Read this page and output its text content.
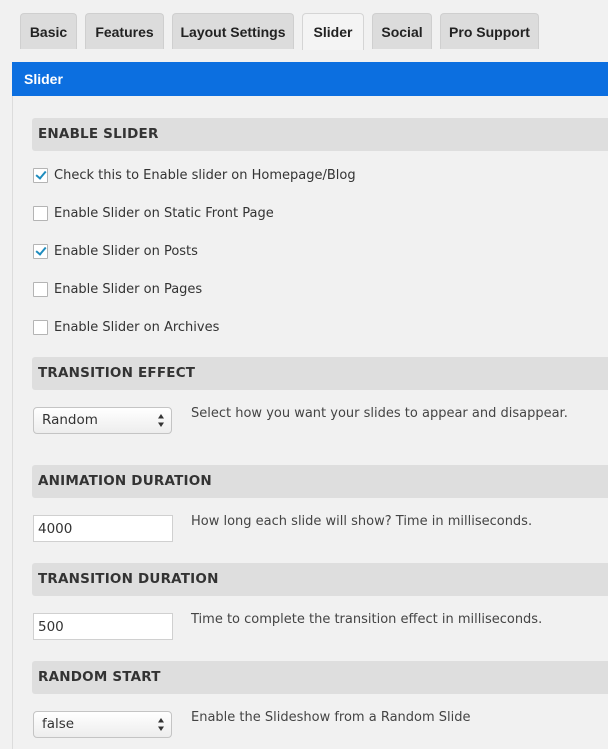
Basic	Features	Layout Settings	Slider	Social	Pro Support
Slider
ENABLE SLIDER
Check this to Enable slider on Homepage/Blog
Enable Slider on Static Front Page
Enable Slider on Posts
Enable Slider on Pages
Enable Slider on Archives
TRANSITION EFFECT
Random	Select how you want your slides to appear and disappear.
ANIMATION DURATION
4000
How long each slide will show? Time in milliseconds.
TRANSITION DURATION
500
Time to complete the transition effect in milliseconds.
RANDOM START
false	Enable the Slideshow from a Random Slide
